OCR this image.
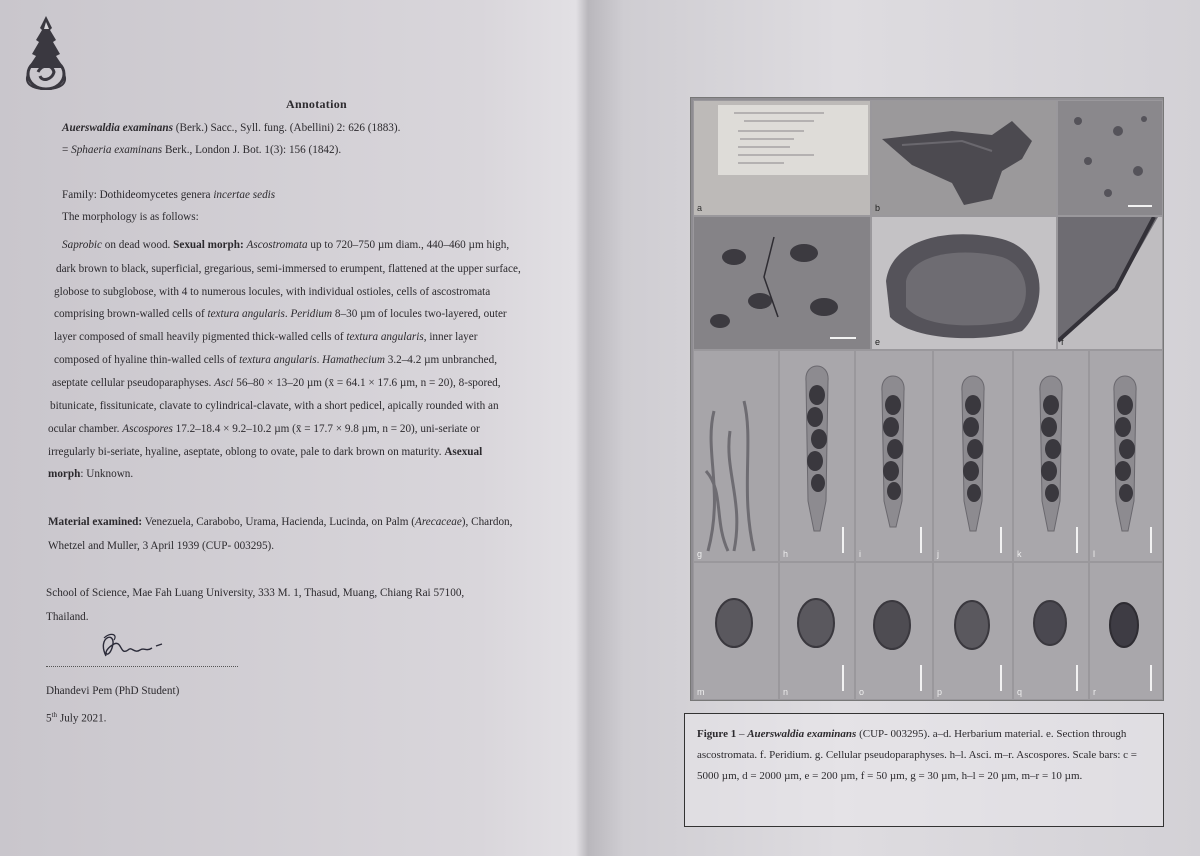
Annotation
Auerswaldia examinans (Berk.) Sacc., Syll. fung. (Abellini) 2: 626 (1883).
= Sphaeria examinans Berk., London J. Bot. 1(3): 156 (1842).
Family: Dothideomycetes genera incertae sedis
The morphology is as follows:
Saprobic on dead wood. Sexual morph: Ascostromata up to 720–750 µm diam., 440–460 µm high,
dark brown to black, superficial, gregarious, semi-immersed to erumpent, flattened at the upper surface,
globose to subglobose, with 4 to numerous locules, with individual ostioles, cells of ascostromata
comprising brown-walled cells of textura angularis. Peridium 8–30 µm of locules two-layered, outer
layer composed of small heavily pigmented thick-walled cells of textura angularis, inner layer
composed of hyaline thin-walled cells of textura angularis. Hamathecium 3.2–4.2 µm unbranched,
aseptate cellular pseudoparaphyses. Asci 56–80 × 13–20 µm (x̄ = 64.1 × 17.6 µm, n = 20), 8-spored,
bitunicate, fissitunicate, clavate to cylindrical-clavate, with a short pedicel, apically rounded with an
ocular chamber. Ascospores 17.2–18.4 × 9.2–10.2 µm (x̄ = 17.7 × 9.8 µm, n = 20), uni-seriate or
irregularly bi-seriate, hyaline, aseptate, oblong to ovate, pale to dark brown on maturity. Asexual
morph: Unknown.
Material examined: Venezuela, Carabobo, Urama, Hacienda, Lucinda, on Palm (Arecaceae), Chardon,
Whetzel and Muller, 3 April 1939 (CUP- 003295).
School of Science, Mae Fah Luang University, 333 M. 1, Thasud, Muang, Chiang Rai 57100,
Thailand.
Dhandevi Pem (PhD Student)
5th July 2021.
a	b
e	f
g	h	i	j	k	l
m	n	o	p	q	r
Figure 1 – Auerswaldia examinans (CUP- 003295). a–d. Herbarium material. e. Section through ascostromata. f. Peridium. g. Cellular pseudoparaphyses. h–l. Asci. m–r. Ascospores. Scale bars: c = 5000 µm, d = 2000 µm, e = 200 µm, f = 50 µm, g = 30 µm, h–l = 20 µm, m–r = 10 µm.
